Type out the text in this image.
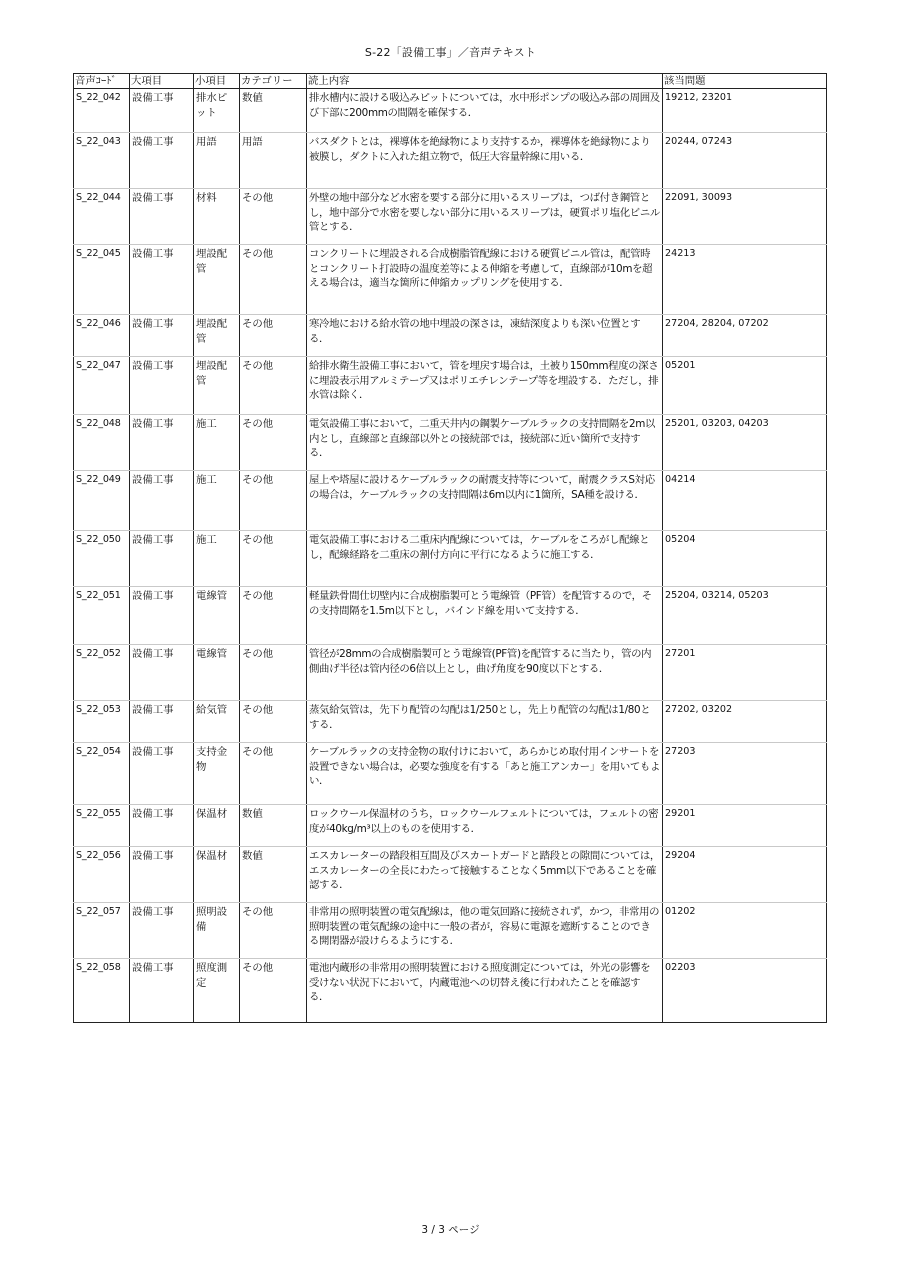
S-22「設備工事」／音声テキスト
音声ｺｰﾄﾞ	大項目	小項目	カテゴリー	読上内容	該当問題
S_22_042	設備工事	排水ピット	数値	排水槽内に設ける吸込みピットについては，水中形ポンプの吸込み部の周囲及び下部に200mmの間隔を確保する．	19212, 23201
S_22_043	設備工事	用語	用語	バスダクトとは，裸導体を絶縁物により支持するか，裸導体を絶縁物により被膜し，ダクトに入れた組立物で，低圧大容量幹線に用いる．	20244, 07243
S_22_044	設備工事	材料	その他	外壁の地中部分など水密を要する部分に用いるスリーブは，つば付き鋼管とし，地中部分で水密を要しない部分に用いるスリーブは，硬質ポリ塩化ビニル管とする．	22091, 30093
S_22_045	設備工事	埋設配管	その他	コンクリートに埋設される合成樹脂管配線における硬質ビニル管は，配管時とコンクリート打設時の温度差等による伸縮を考慮して，直線部が10mを超える場合は，適当な箇所に伸縮カップリングを使用する．	24213
S_22_046	設備工事	埋設配管	その他	寒冷地における給水管の地中埋設の深さは，凍結深度よりも深い位置とする．	27204, 28204, 07202
S_22_047	設備工事	埋設配管	その他	給排水衛生設備工事において，管を埋戻す場合は，土被り150mm程度の深さに埋設表示用アルミテープ又はポリエチレンテープ等を埋設する．ただし，排水管は除く．	05201
S_22_048	設備工事	施工	その他	電気設備工事において，二重天井内の鋼製ケーブルラックの支持間隔を2m以内とし，直線部と直線部以外との接続部では，接続部に近い箇所で支持する．	25201, 03203, 04203
S_22_049	設備工事	施工	その他	屋上や塔屋に設けるケーブルラックの耐震支持等について，耐震クラスS対応の場合は，ケーブルラックの支持間隔は6m以内に1箇所，SA種を設ける．	04214
S_22_050	設備工事	施工	その他	電気設備工事における二重床内配線については，ケーブルをころがし配線とし，配線経路を二重床の割付方向に平行になるように施工する．	05204
S_22_051	設備工事	電線管	その他	軽量鉄骨間仕切壁内に合成樹脂製可とう電線管（PF管）を配管するので，その支持間隔を1.5m以下とし，バインド線を用いて支持する．	25204, 03214, 05203
S_22_052	設備工事	電線管	その他	管径が28mmの合成樹脂製可とう電線管(PF管)を配管するに当たり，管の内側曲げ半径は管内径の6倍以上とし，曲げ角度を90度以下とする．	27201
S_22_053	設備工事	給気管	その他	蒸気給気管は，先下り配管の勾配は1/250とし，先上り配管の勾配は1/80とする．	27202, 03202
S_22_054	設備工事	支持金物	その他	ケーブルラックの支持金物の取付けにおいて，あらかじめ取付用インサートを設置できない場合は，必要な強度を有する「あと施工アンカー」を用いてもよい．	27203
S_22_055	設備工事	保温材	数値	ロックウール保温材のうち，ロックウールフェルトについては，フェルトの密度が40kg/m³以上のものを使用する．	29201
S_22_056	設備工事	保温材	数値	エスカレーターの踏段相互間及びスカートガードと踏段との隙間については，エスカレーターの全長にわたって接触することなく5mm以下であることを確認する．	29204
S_22_057	設備工事	照明設備	その他	非常用の照明装置の電気配線は，他の電気回路に接続されず，かつ，非常用の照明装置の電気配線の途中に一般の者が，容易に電源を遮断することのできる開閉器が設けらるようにする．	01202
S_22_058	設備工事	照度測定	その他	電池内蔵形の非常用の照明装置における照度測定については，外光の影響を受けない状況下において，内蔵電池への切替え後に行われたことを確認する．	02203
3 / 3 ページ
